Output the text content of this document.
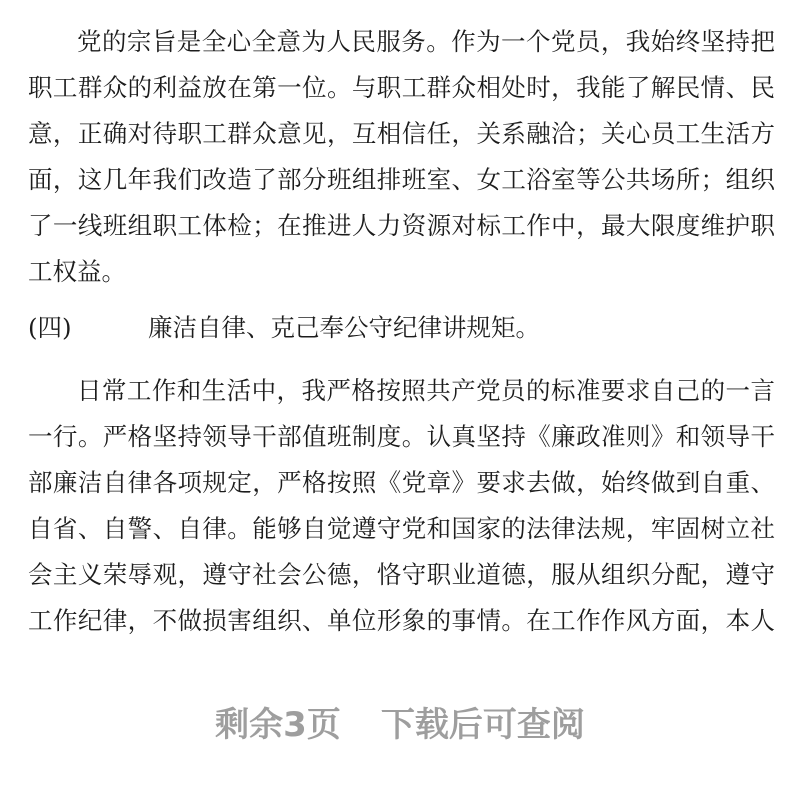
党的宗旨是全心全意为人民服务。作为一个党员，我始终坚持把
职工群众的利益放在第一位。与职工群众相处时，我能了解民情、民
意，正确对待职工群众意见，互相信任，关系融洽；关心员工生活方
面，这几年我们改造了部分班组排班室、女工浴室等公共场所；组织
了一线班组职工体检；在推进人力资源对标工作中，最大限度维护职
工权益。
(四)	廉洁自律、克己奉公守纪律讲规矩。
日常工作和生活中，我严格按照共产党员的标准要求自己的一言
一行。严格坚持领导干部值班制度。认真坚持《廉政准则》和领导干
部廉洁自律各项规定，严格按照《党章》要求去做，始终做到自重、
自省、自警、自律。能够自觉遵守党和国家的法律法规，牢固树立社
会主义荣辱观，遵守社会公德，恪守职业道德，服从组织分配，遵守
工作纪律，不做损害组织、单位形象的事情。在工作作风方面，本人
剩余3页 下载后可查阅
